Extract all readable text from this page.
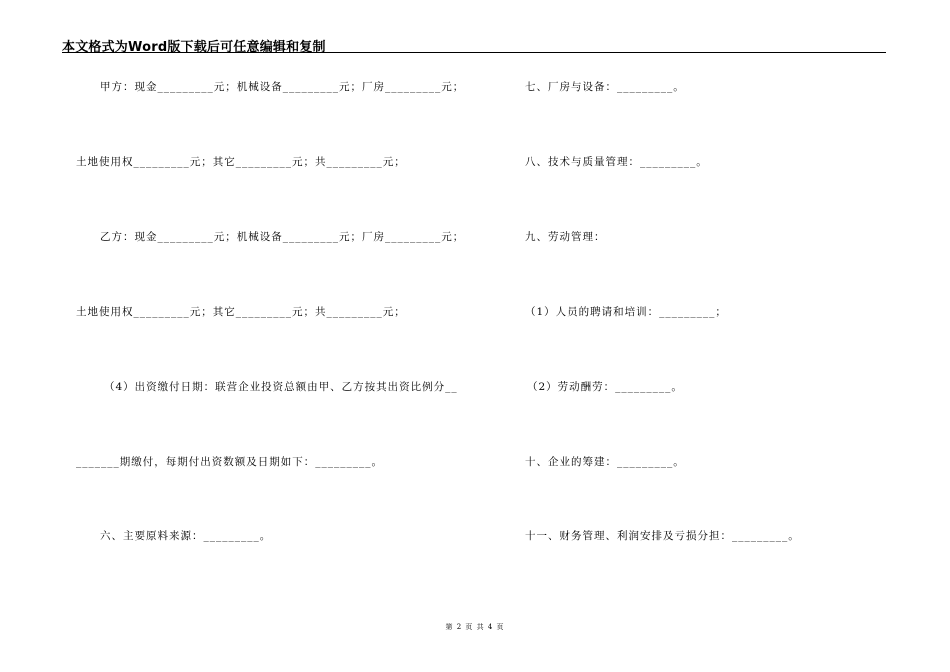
本文格式为Word版下载后可任意编辑和复制
甲方：现金_________元；机械设备_________元；厂房_________元；
土地使用权_________元；其它_________元；共_________元；
乙方：现金_________元；机械设备_________元；厂房_________元；
土地使用权_________元；其它_________元；共_________元；
（4）出资缴付日期：联营企业投资总额由甲、乙方按其出资比例分__
_______期缴付，每期付出资数额及日期如下：_________。
六、主要原料来源：_________。
七、厂房与设备：_________。
八、技术与质量管理：_________。
九、劳动管理：
（1）人员的聘请和培训：_________；
（2）劳动酬劳：_________。
十、企业的筹建：_________。
十一、财务管理、利润安排及亏损分担：_________。
第 2 页 共 4 页
